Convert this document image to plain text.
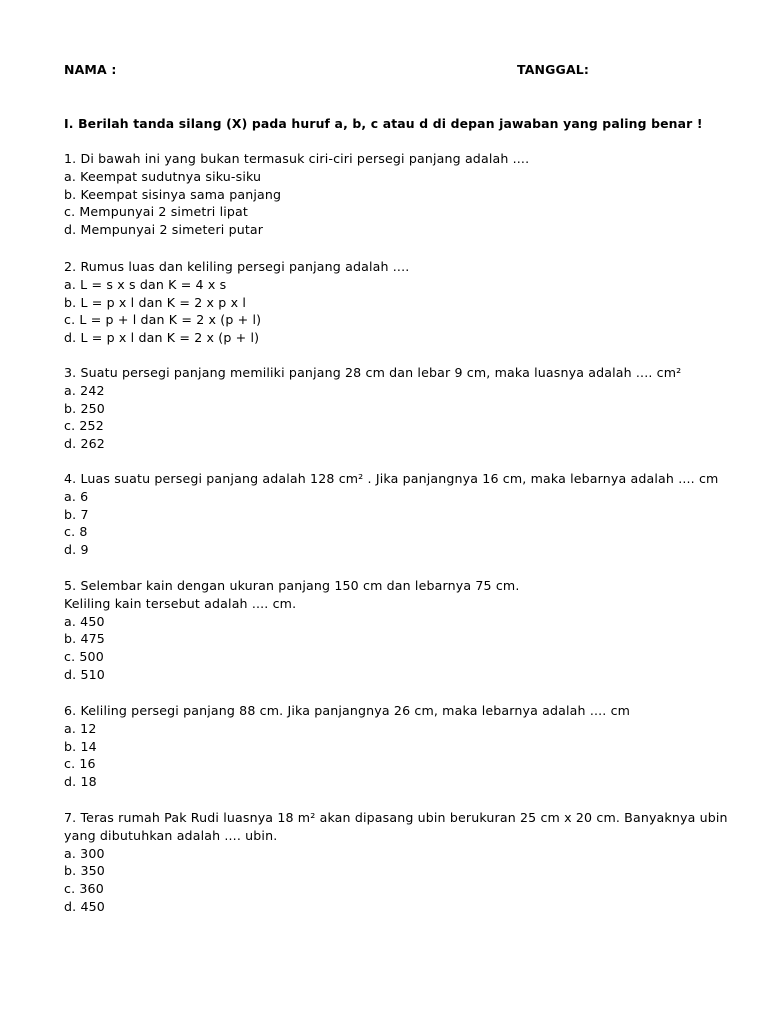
NAMA :	TANGGAL:
I. Berilah tanda silang (X) pada huruf a, b, c atau d di depan jawaban yang paling benar !
1. Di bawah ini yang bukan termasuk ciri-ciri persegi panjang adalah ....
a. Keempat sudutnya siku-siku
b. Keempat sisinya sama panjang
c. Mempunyai 2 simetri lipat
d. Mempunyai 2 simeteri putar
2. Rumus luas dan keliling persegi panjang adalah ....
a. L = s x s dan K = 4 x s
b. L = p x l dan K = 2 x p x l
c. L = p + l dan K = 2 x (p + l)
d. L = p x l dan K = 2 x (p + l)
3. Suatu persegi panjang memiliki panjang 28 cm dan lebar 9 cm, maka luasnya adalah .... cm²
a. 242
b. 250
c. 252
d. 262
4. Luas suatu persegi panjang adalah 128 cm² . Jika panjangnya 16 cm, maka lebarnya adalah .... cm
a. 6
b. 7
c. 8
d. 9
5. Selembar kain dengan ukuran panjang 150 cm dan lebarnya 75 cm.
Keliling kain tersebut adalah .... cm.
a. 450
b. 475
c. 500
d. 510
6. Keliling persegi panjang 88 cm. Jika panjangnya 26 cm, maka lebarnya adalah .... cm
a. 12
b. 14
c. 16
d. 18
7. Teras rumah Pak Rudi luasnya 18 m² akan dipasang ubin berukuran 25 cm x 20 cm. Banyaknya ubin
yang dibutuhkan adalah .... ubin.
a. 300
b. 350
c. 360
d. 450
